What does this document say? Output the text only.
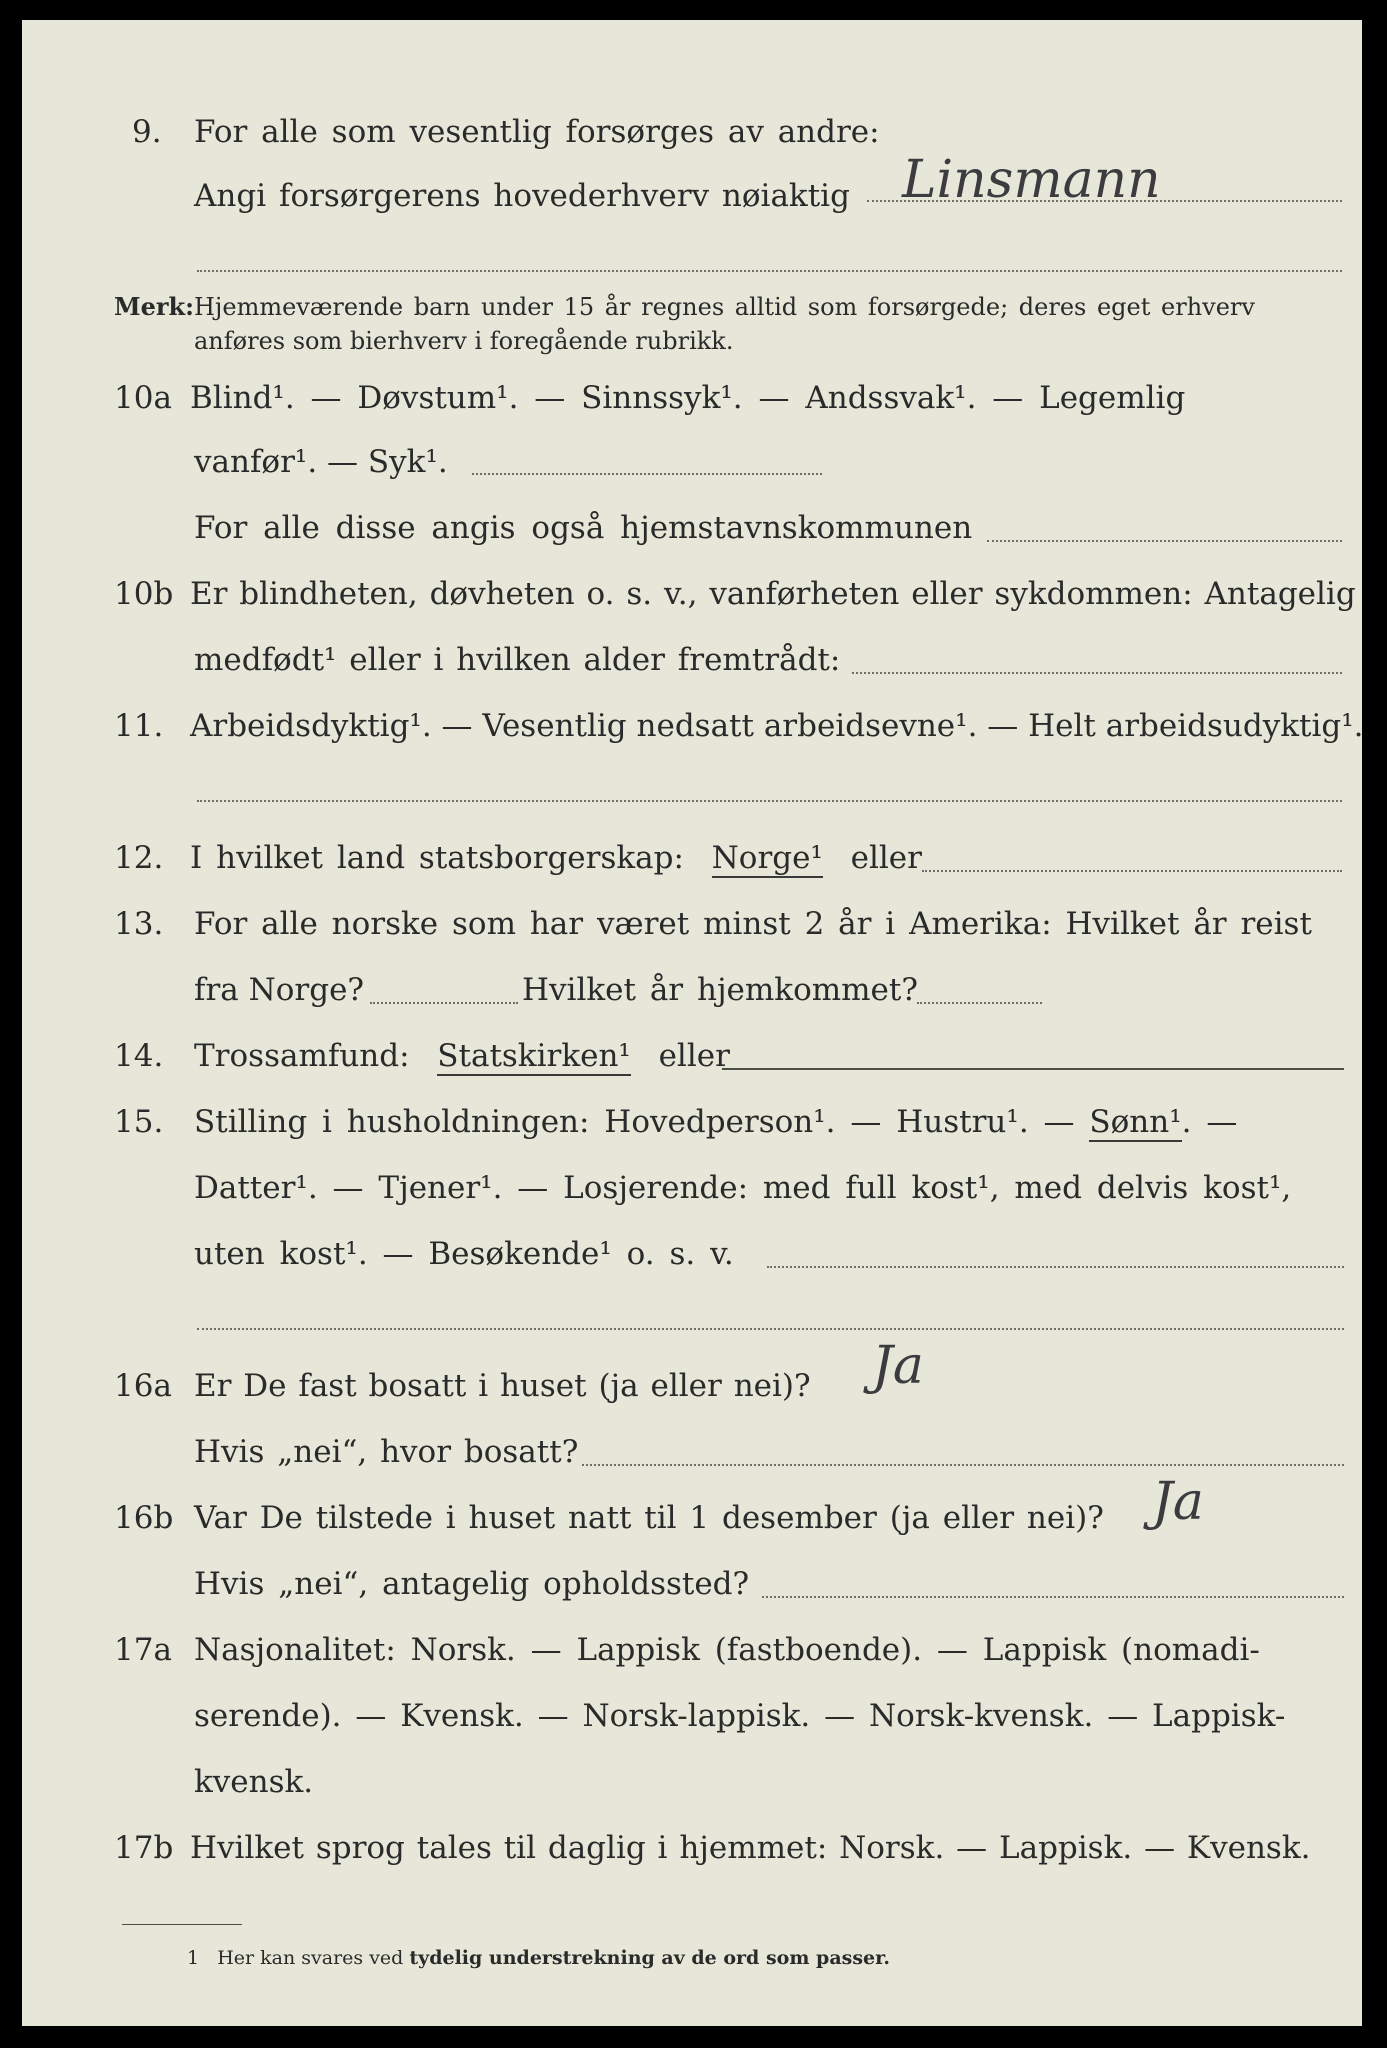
9. For alle som vesentlig forsørges av andre:
Angi forsørgerens hovederhverv nøiaktig Linsmann
Merk: Hjemmeværende barn under 15 år regnes alltid som forsørgede; deres eget erhverv
anføres som bierhverv i foregående rubrikk.
10a Blind¹. — Døvstum¹. — Sinnssyk¹. — Andssvak¹. — Legemlig
vanfør¹. — Syk¹.
For alle disse angis også hjemstavnskommunen
10b Er blindheten, døvheten o. s. v., vanførheten eller sykdommen: Antagelig
medfødt¹ eller i hvilken alder fremtrådt:
11. Arbeidsdyktig¹. — Vesentlig nedsatt arbeidsevne¹. — Helt arbeidsudyktig¹.
12. I hvilket land statsborgerskap: Norge¹ eller
13. For alle norske som har været minst 2 år i Amerika: Hvilket år reist
fra Norge?	Hvilket år hjemkommet?
14. Trossamfund: Statskirken¹ eller
15. Stilling i husholdningen: Hovedperson¹. — Hustru¹. — Sønn¹. —
Datter¹. — Tjener¹. — Losjerende: med full kost¹, med delvis kost¹,
uten kost¹. — Besøkende¹ o. s. v.
16a Er De fast bosatt i huset (ja eller nei)? Ja
Hvis „nei“, hvor bosatt?
16b Var De tilstede i huset natt til 1 desember (ja eller nei)? Ja
Hvis „nei“, antagelig opholdssted?
17a Nasjonalitet: Norsk. — Lappisk (fastboende). — Lappisk (nomadi-
serende). — Kvensk. — Norsk-lappisk. — Norsk-kvensk. — Lappisk-
kvensk.
17b Hvilket sprog tales til daglig i hjemmet: Norsk. — Lappisk. — Kvensk.
1 Her kan svares ved tydelig understrekning av de ord som passer.
